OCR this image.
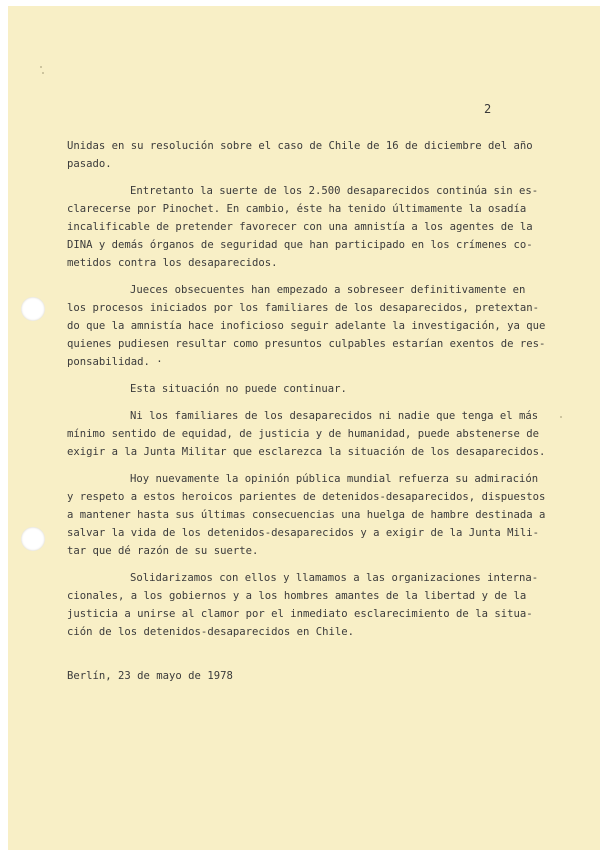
2
Unidas en su resolución sobre el caso de Chile de 16 de diciembre del año
pasado.
Entretanto la suerte de los 2.500 desaparecidos continúa sin es-
clarecerse por Pinochet. En cambio, éste ha tenido últimamente la osadía
incalificable de pretender favorecer con una amnistía a los agentes de la
DINA y demás órganos de seguridad que han participado en los crímenes co-
metidos contra los desaparecidos.
Jueces obsecuentes han empezado a sobreseer definitivamente en
los procesos iniciados por los familiares de los desaparecidos, pretextan-
do que la amnistía hace inoficioso seguir adelante la investigación, ya que
quienes pudiesen resultar como presuntos culpables estarían exentos de res-
ponsabilidad. ·
Esta situación no puede continuar.
Ni los familiares de los desaparecidos ni nadie que tenga el más
mínimo sentido de equidad, de justicia y de humanidad, puede abstenerse de
exigir a la Junta Militar que esclarezca la situación de los desaparecidos.
Hoy nuevamente la opinión pública mundial refuerza su admiración
y respeto a estos heroicos parientes de detenidos-desaparecidos, dispuestos
a mantener hasta sus últimas consecuencias una huelga de hambre destinada a
salvar la vida de los detenidos-desaparecidos y a exigir de la Junta Mili-
tar que dé razón de su suerte.
Solidarizamos con ellos y llamamos a las organizaciones interna-
cionales, a los gobiernos y a los hombres amantes de la libertad y de la
justicia a unirse al clamor por el inmediato esclarecimiento de la situa-
ción de los detenidos-desaparecidos en Chile.
Berlín, 23 de mayo de 1978
